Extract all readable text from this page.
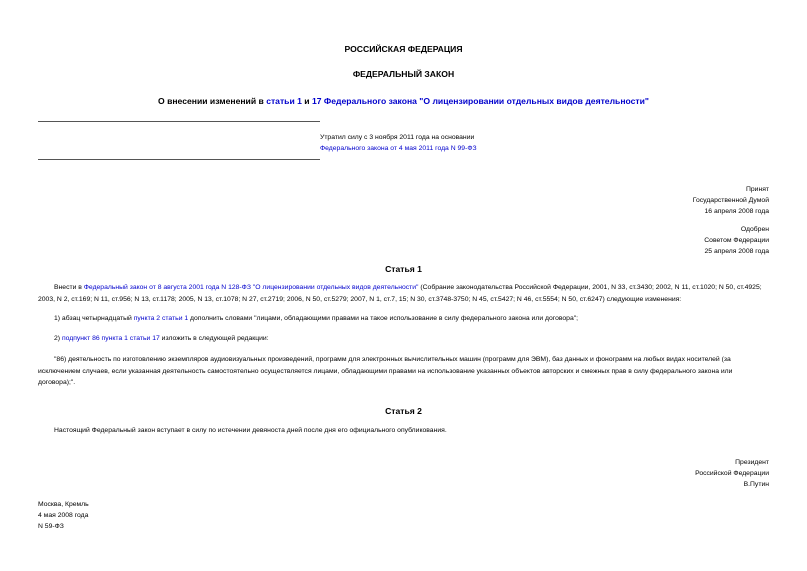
РОССИЙСКАЯ ФЕДЕРАЦИЯ
ФЕДЕРАЛЬНЫЙ ЗАКОН
О внесении изменений в статьи 1 и 17 Федерального закона "О лицензировании отдельных видов деятельности"
Утратил силу с 3 ноября 2011 года на основании
Федерального закона от 4 мая 2011 года N 99-ФЗ
Принят
Государственной Думой
16 апреля 2008 года
Одобрен
Советом Федерации
25 апреля 2008 года
Статья 1
Внести в Федеральный закон от 8 августа 2001 года N 128-ФЗ "О лицензировании отдельных видов деятельности" (Собрание законодательства Российской Федерации, 2001, N 33, ст.3430; 2002, N 11, ст.1020; N 50, ст.4925; 2003, N 2, ст.169; N 11, ст.956; N 13, ст.1178; 2005, N 13, ст.1078; N 27, ст.2719; 2006, N 50, ст.5279; 2007, N 1, ст.7, 15; N 30, ст.3748-3750; N 45, ст.5427; N 46, ст.5554; N 50, ст.6247) следующие изменения:
1) абзац четырнадцатый пункта 2 статьи 1 дополнить словами "лицами, обладающими правами на такое использование в силу федерального закона или договора";
2) подпункт 86 пункта 1 статьи 17 изложить в следующей редакции:
"86) деятельность по изготовлению экземпляров аудиовизуальных произведений, программ для электронных вычислительных машин (программ для ЭВМ), баз данных и фонограмм на любых видах носителей (за исключением случаев, если указанная деятельность самостоятельно осуществляется лицами, обладающими правами на использование указанных объектов авторских и смежных прав в силу федерального закона или договора);".
Статья 2
Настоящий Федеральный закон вступает в силу по истечении девяноста дней после дня его официального опубликования.
Президент
Российской Федерации
В.Путин
Москва, Кремль
4 мая 2008 года
N 59-ФЗ
